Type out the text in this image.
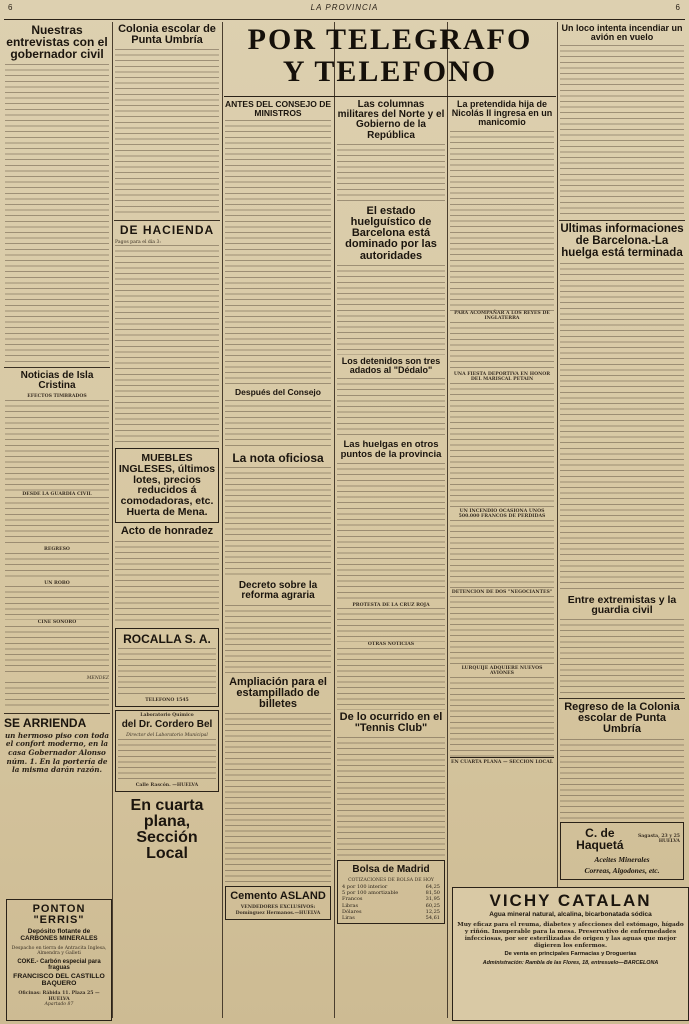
6	LA PROVINCIA	6
POR TELEGRAFO
Y TELEFONO
Nuestras entrevistas con el gobernador civil
Noticias de Isla Cristina
EFECTOS TIMBRADOS
DESDE LA GUARDIA CIVIL
REGRESO
UN ROBO
CINE SONORO
MENDEZ
SE ARRIENDA
un hermoso piso con toda el confort moderno, en la casa Gobernador Alonso núm. 1. En la portería de la misma darán razón.
Colonia escolar de Punta Umbría
DE HACIENDA
Pagos para el día 3:
MUEBLES INGLESES, últimos lotes, precios reducidos á comodadoras, etc. Huerta de Mena.
Acto de honradez
ROCALLA S. A.
TELEFONO 1545
Laboratorio Químico
del Dr. Cordero Bel
Director del Laboratorio Municipal
Calle Rascón. —HUELVA
En cuarta plana, Sección Local
ANTES DEL CONSEJO DE MINISTROS
Después del Consejo
La nota oficiosa
Decreto sobre la reforma agraria
Ampliación para el estampillado de billetes
Cemento ASLAND
VENDEDORES EXCLUSIVOS:
Domínguez Hermanos.—HUELVA
Las columnas militares del Norte y el Gobierno de la República
El estado huelguístico de Barcelona está dominado por las autoridades
Los detenidos son tres adados al "Dédalo"
Las huelgas en otros puntos de la provincia
PROTESTA DE LA CRUZ ROJA
OTRAS NOTICIAS
De lo ocurrido en el "Tennis Club"
Bolsa de Madrid
COTIZACIONES DE BOLSA DE HOY
4 por 100 interior	64,25
5 por 100 amortizable	81,50
Francos	31,95
Libras	60,25
Dólares	12,25
Liras	54,61
La pretendida hija de Nicolás II ingresa en un manicomio
PARA ACOMPAÑAR A LOS REYES DE INGLATERRA
UNA FIESTA DEPORTIVA EN HONOR DEL MARISCAL PETAIN
UN INCENDIO OCASIONA UNOS 500.000 FRANCOS DE PERDIDAS
DETENCION DE DOS "NEGOCIANTES"
LURQUIJE ADQUIERE NUEVOS AVIONES
EN CUARTA PLANA — SECCION LOCAL
Un loco intenta incendiar un avión en vuelo
Ultimas informaciones de Barcelona.-La huelga está terminada
Entre extremistas y la guardia civil
Regreso de la Colonia escolar de Punta Umbría
C. de Haquetá
Sagasta, 23 y 25 HUELVA
Aceites Minerales
Correas, Algodones, etc.
PONTON "ERRIS"
Depósito flotante de CARBONES MINERALES
Despacho en tierra de Antracita Inglesa, Almendra y Galleti
COKE.- Carbón especial para fraguas
FRANCISCO DEL CASTILLO BAQUERO
Oficinas: Rábida 11. Plaza 25 — HUELVA
Apartado 87
VICHY CATALAN
Agua mineral natural, alcalina, bicarbonatada sódica
Muy eficaz para el reuma, diabetes y afecciones del estómago, hígado y riñón. Insuperable para la mesa. Preservativo de enfermedades infecciosas, por ser esterilizadas de origen y las aguas que mejor digieren los enfermos.
De venta en principales Farmacias y Droguerías
Administración: Rambla de las Flores, 18, entresuelo—BARCELONA
